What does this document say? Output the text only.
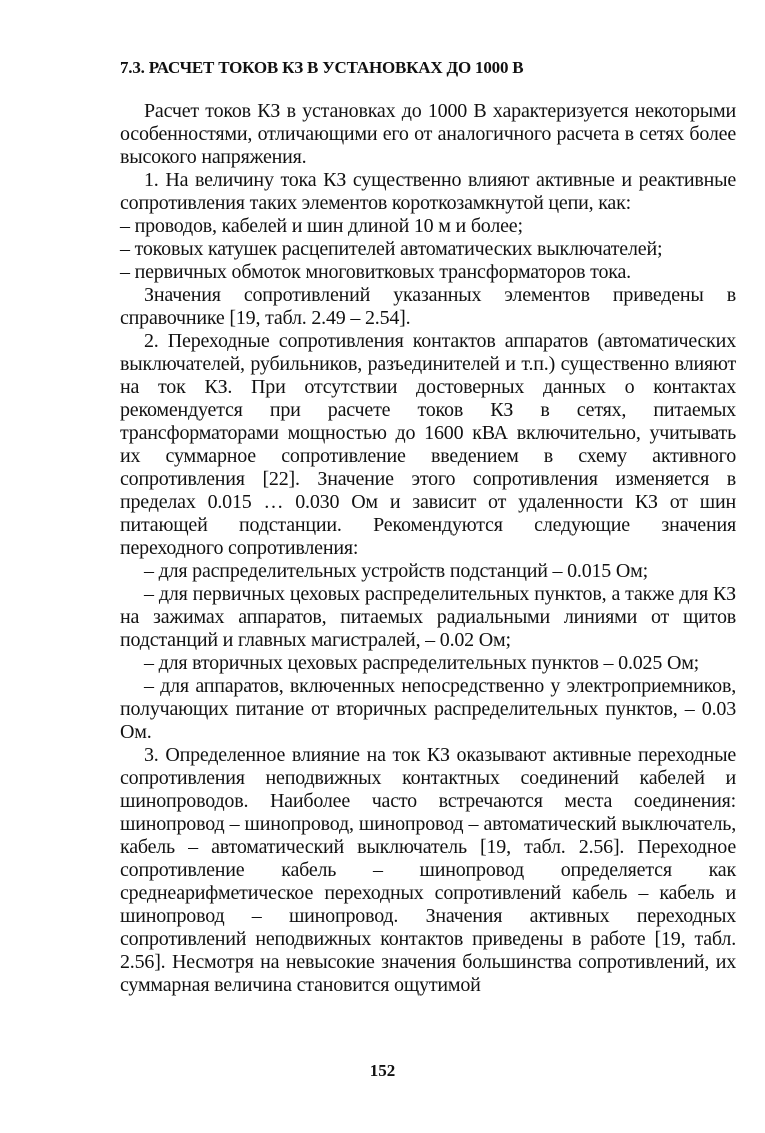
7.3. РАСЧЕТ ТОКОВ КЗ В УСТАНОВКАХ ДО 1000 В

Расчет токов КЗ в установках до 1000 В характеризуется некоторыми особенностями, отличающими его от аналогичного расчета в сетях более высокого напряжения.

1. На величину тока КЗ существенно влияют активные и реактивные сопротивления таких элементов короткозамкнутой цепи, как:

– проводов, кабелей и шин длиной 10 м и более;

– токовых катушек расцепителей автоматических выключателей;

– первичных обмоток многовитковых трансформаторов тока.

Значения сопротивлений указанных элементов приведены в справочнике [19, табл. 2.49 – 2.54].

2. Переходные сопротивления контактов аппаратов (автоматических выключателей, рубильников, разъединителей и т.п.) существенно влияют на ток КЗ. При отсутствии достоверных данных о контактах рекомендуется при расчете токов КЗ в сетях, питаемых трансформаторами мощностью до 1600 кВА включительно, учитывать их суммарное сопротивление введением в схему активного сопротивления [22]. Значение этого сопротивления изменяется в пределах 0.015 … 0.030 Ом и зависит от удаленности КЗ от шин питающей подстанции. Рекомендуются следующие значения переходного сопротивления:

– для распределительных устройств подстанций – 0.015 Ом;

– для первичных цеховых распределительных пунктов, а также для КЗ на зажимах аппаратов, питаемых радиальными линиями от щитов подстанций и главных магистралей, – 0.02 Ом;

– для вторичных цеховых распределительных пунктов – 0.025 Ом;

– для аппаратов, включенных непосредственно у электроприемников, получающих питание от вторичных распределительных пунктов, – 0.03 Ом.

3. Определенное влияние на ток КЗ оказывают активные переходные сопротивления неподвижных контактных соединений кабелей и шинопроводов. Наиболее часто встречаются места соединения: шинопровод – шинопровод, шинопровод – автоматический выключатель, кабель – автоматический выключатель [19, табл. 2.56]. Переходное сопротивление кабель – шинопровод определяется как среднеарифметическое переходных сопротивлений кабель – кабель и шинопровод – шинопровод. Значения активных переходных сопротивлений неподвижных контактов приведены в работе [19, табл. 2.56]. Несмотря на невысокие значения большинства сопротивлений, их суммарная величина становится ощутимой

152
